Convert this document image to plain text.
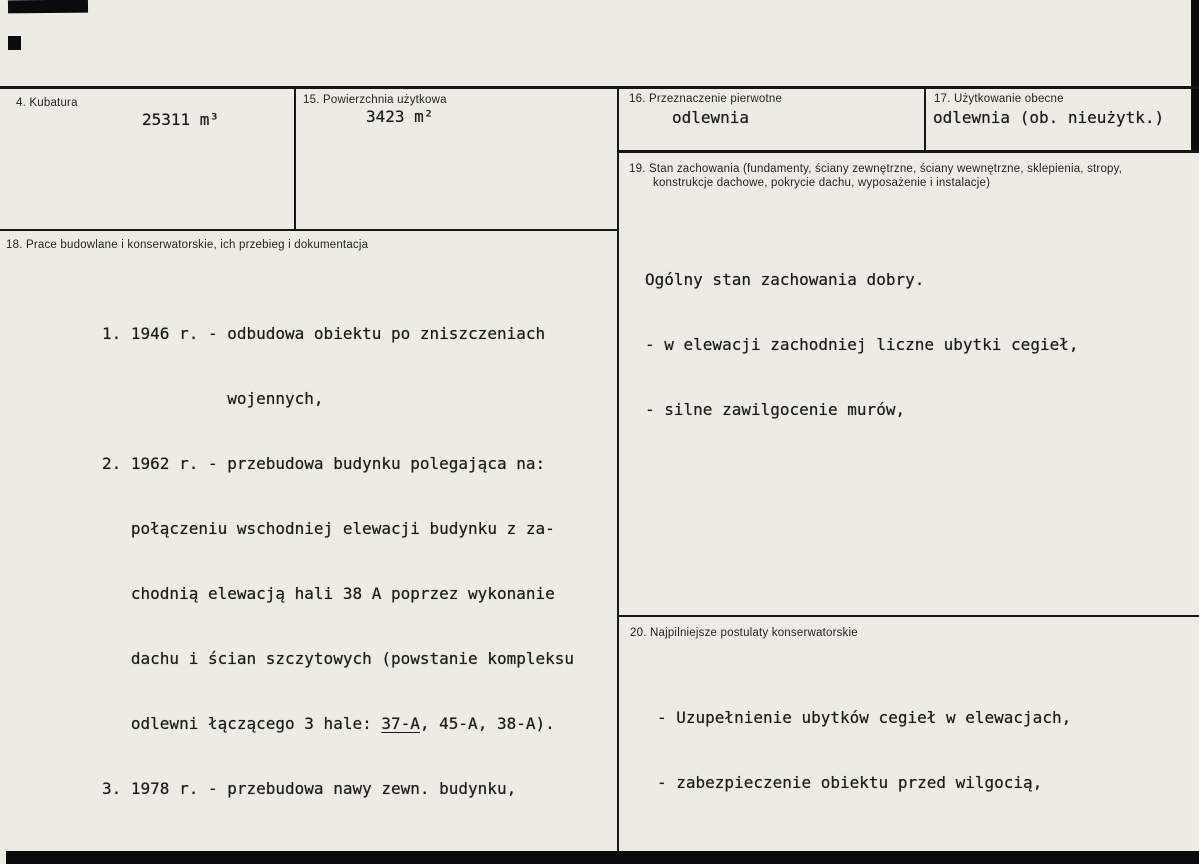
4. Kubatura
25311 m³
15. Powierzchnia użytkowa
3423 m²
16. Przeznaczenie pierwotne
odlewnia
17. Użytkowanie obecne
odlewnia (ob. nieużytk.)
19. Stan zachowania (fundamenty, ściany zewnętrzne, ściany wewnętrzne, sklepienia, stropy, konstrukcje dachowe, pokrycie dachu, wyposażenie i instalacje)

Ogólny stan zachowania dobry.

- w elewacji zachodniej liczne ubytki cegieł,

- silne zawilgocenie murów,

18. Prace budowlane i konserwatorskie, ich przebieg i dokumentacja

1. 1946 r. - odbudowa obiektu po zniszczeniach

wojennych,

2. 1962 r. - przebudowa budynku polegająca na:

połączeniu wschodniej elewacji budynku z za-

chodnią elewacją hali 38 A poprzez wykonanie

dachu i ścian szczytowych (powstanie kompleksu

odlewni łączącego 3 hale: 37-A, 45-A, 38-A).

3. 1978 r. - przebudowa nawy zewn. budynku,

20. Najpilniejsze postulaty konserwatorskie

- Uzupełnienie ubytków cegieł w elewacjach,

- zabezpieczenie obiektu przed wilgocią,
